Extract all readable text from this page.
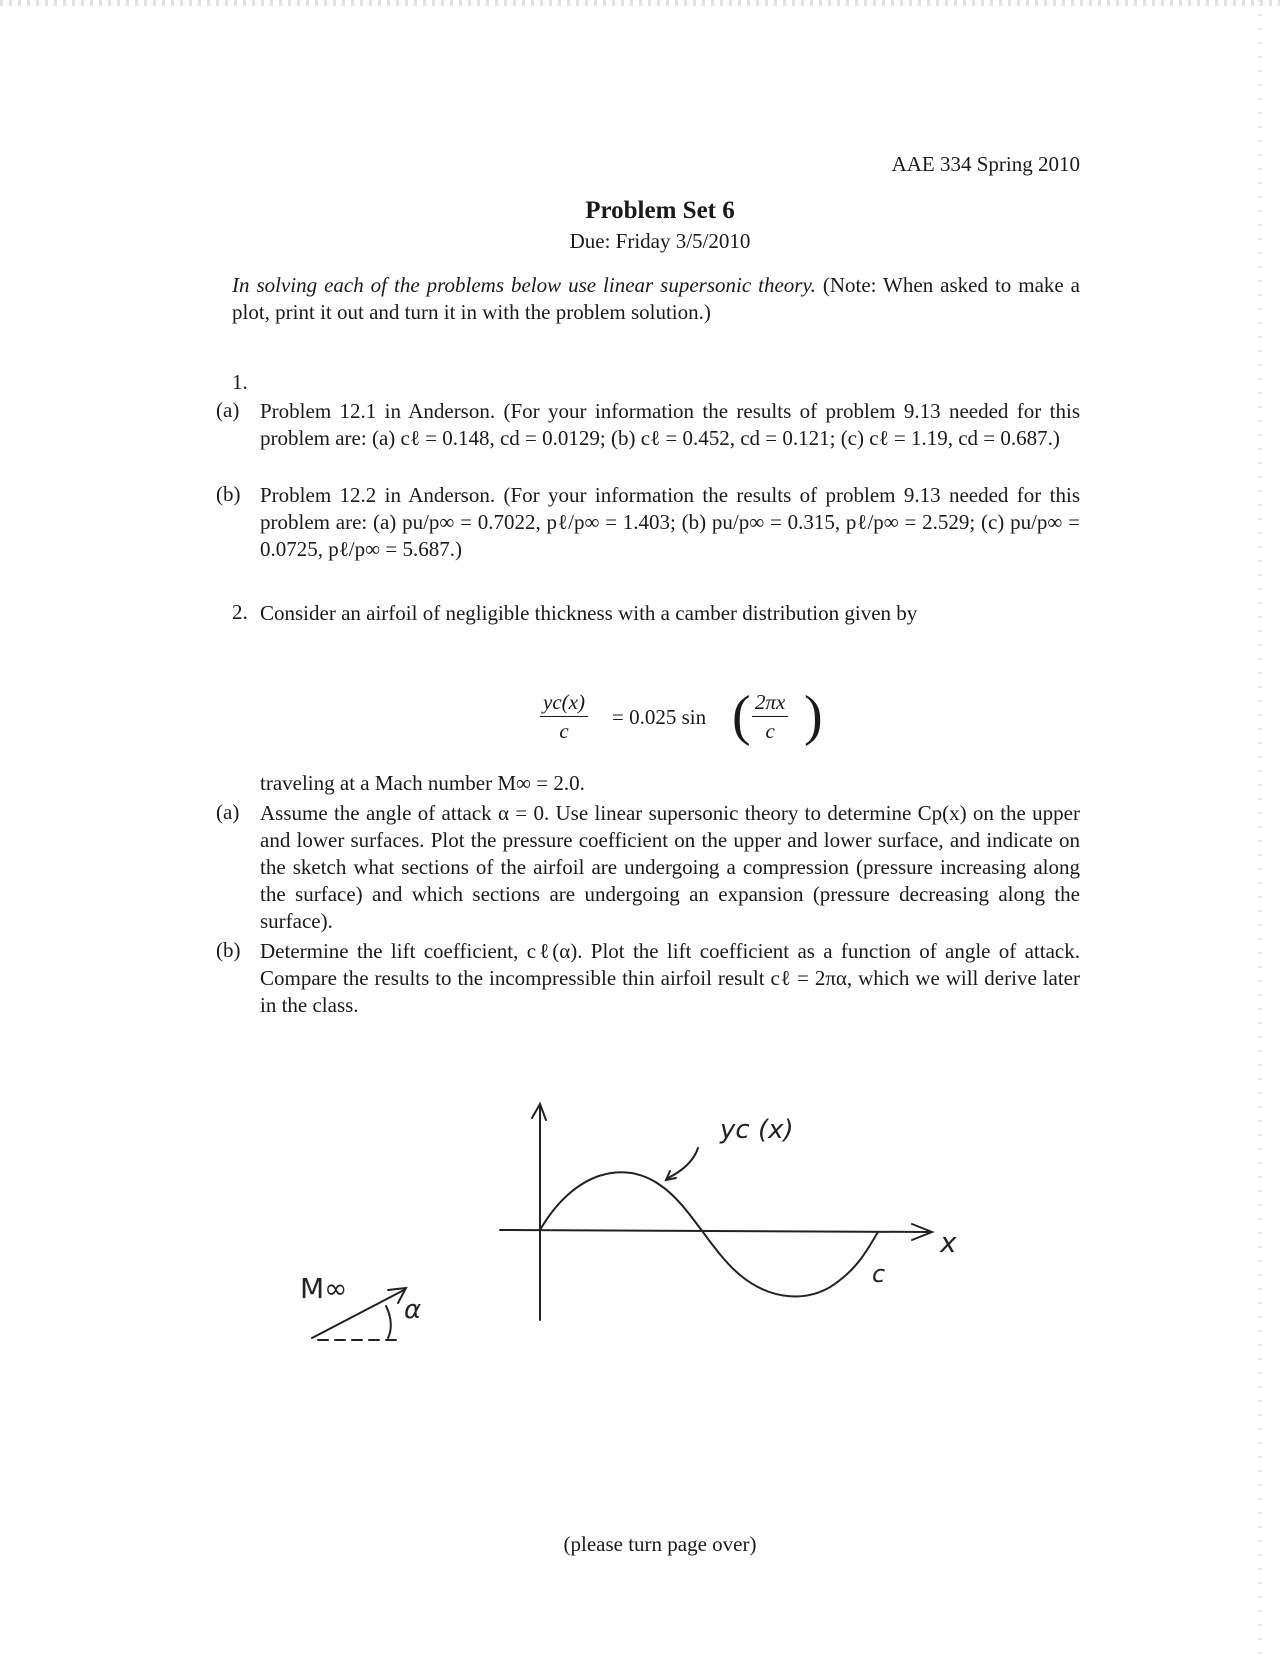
AAE 334 Spring 2010
Problem Set 6
Due: Friday 3/5/2010
In solving each of the problems below use linear supersonic theory. (Note: When asked to make a plot, print it out and turn it in with the problem solution.)
1.
(a) Problem 12.1 in Anderson. (For your information the results of problem 9.13 needed for this problem are: (a) cℓ = 0.148, cd = 0.0129; (b) cℓ = 0.452, cd = 0.121; (c) cℓ = 1.19, cd = 0.687.)
(b) Problem 12.2 in Anderson. (For your information the results of problem 9.13 needed for this problem are: (a) pu/p∞ = 0.7022, pℓ/p∞ = 1.403; (b) pu/p∞ = 0.315, pℓ/p∞ = 2.529; (c) pu/p∞ = 0.0725, pℓ/p∞ = 5.687.)
2. Consider an airfoil of negligible thickness with a camber distribution given by
$\frac{yc(x)}{c} = 0.025$ sin ( $\frac{2\pi x}{c}$ )
traveling at a Mach number M∞ = 2.0.
(a) Assume the angle of attack α = 0. Use linear supersonic theory to determine Cp(x) on the upper and lower surfaces. Plot the pressure coefficient on the upper and lower surface, and indicate on the sketch what sections of the airfoil are undergoing a compression (pressure increasing along the surface) and which sections are undergoing an expansion (pressure decreasing along the surface).
(b) Determine the lift coefficient, cℓ(α). Plot the lift coefficient as a function of angle of attack. Compare the results to the incompressible thin airfoil result cℓ = 2πα, which we will derive later in the class.
yc (x)
x
c
M∞
α
(please turn page over)
